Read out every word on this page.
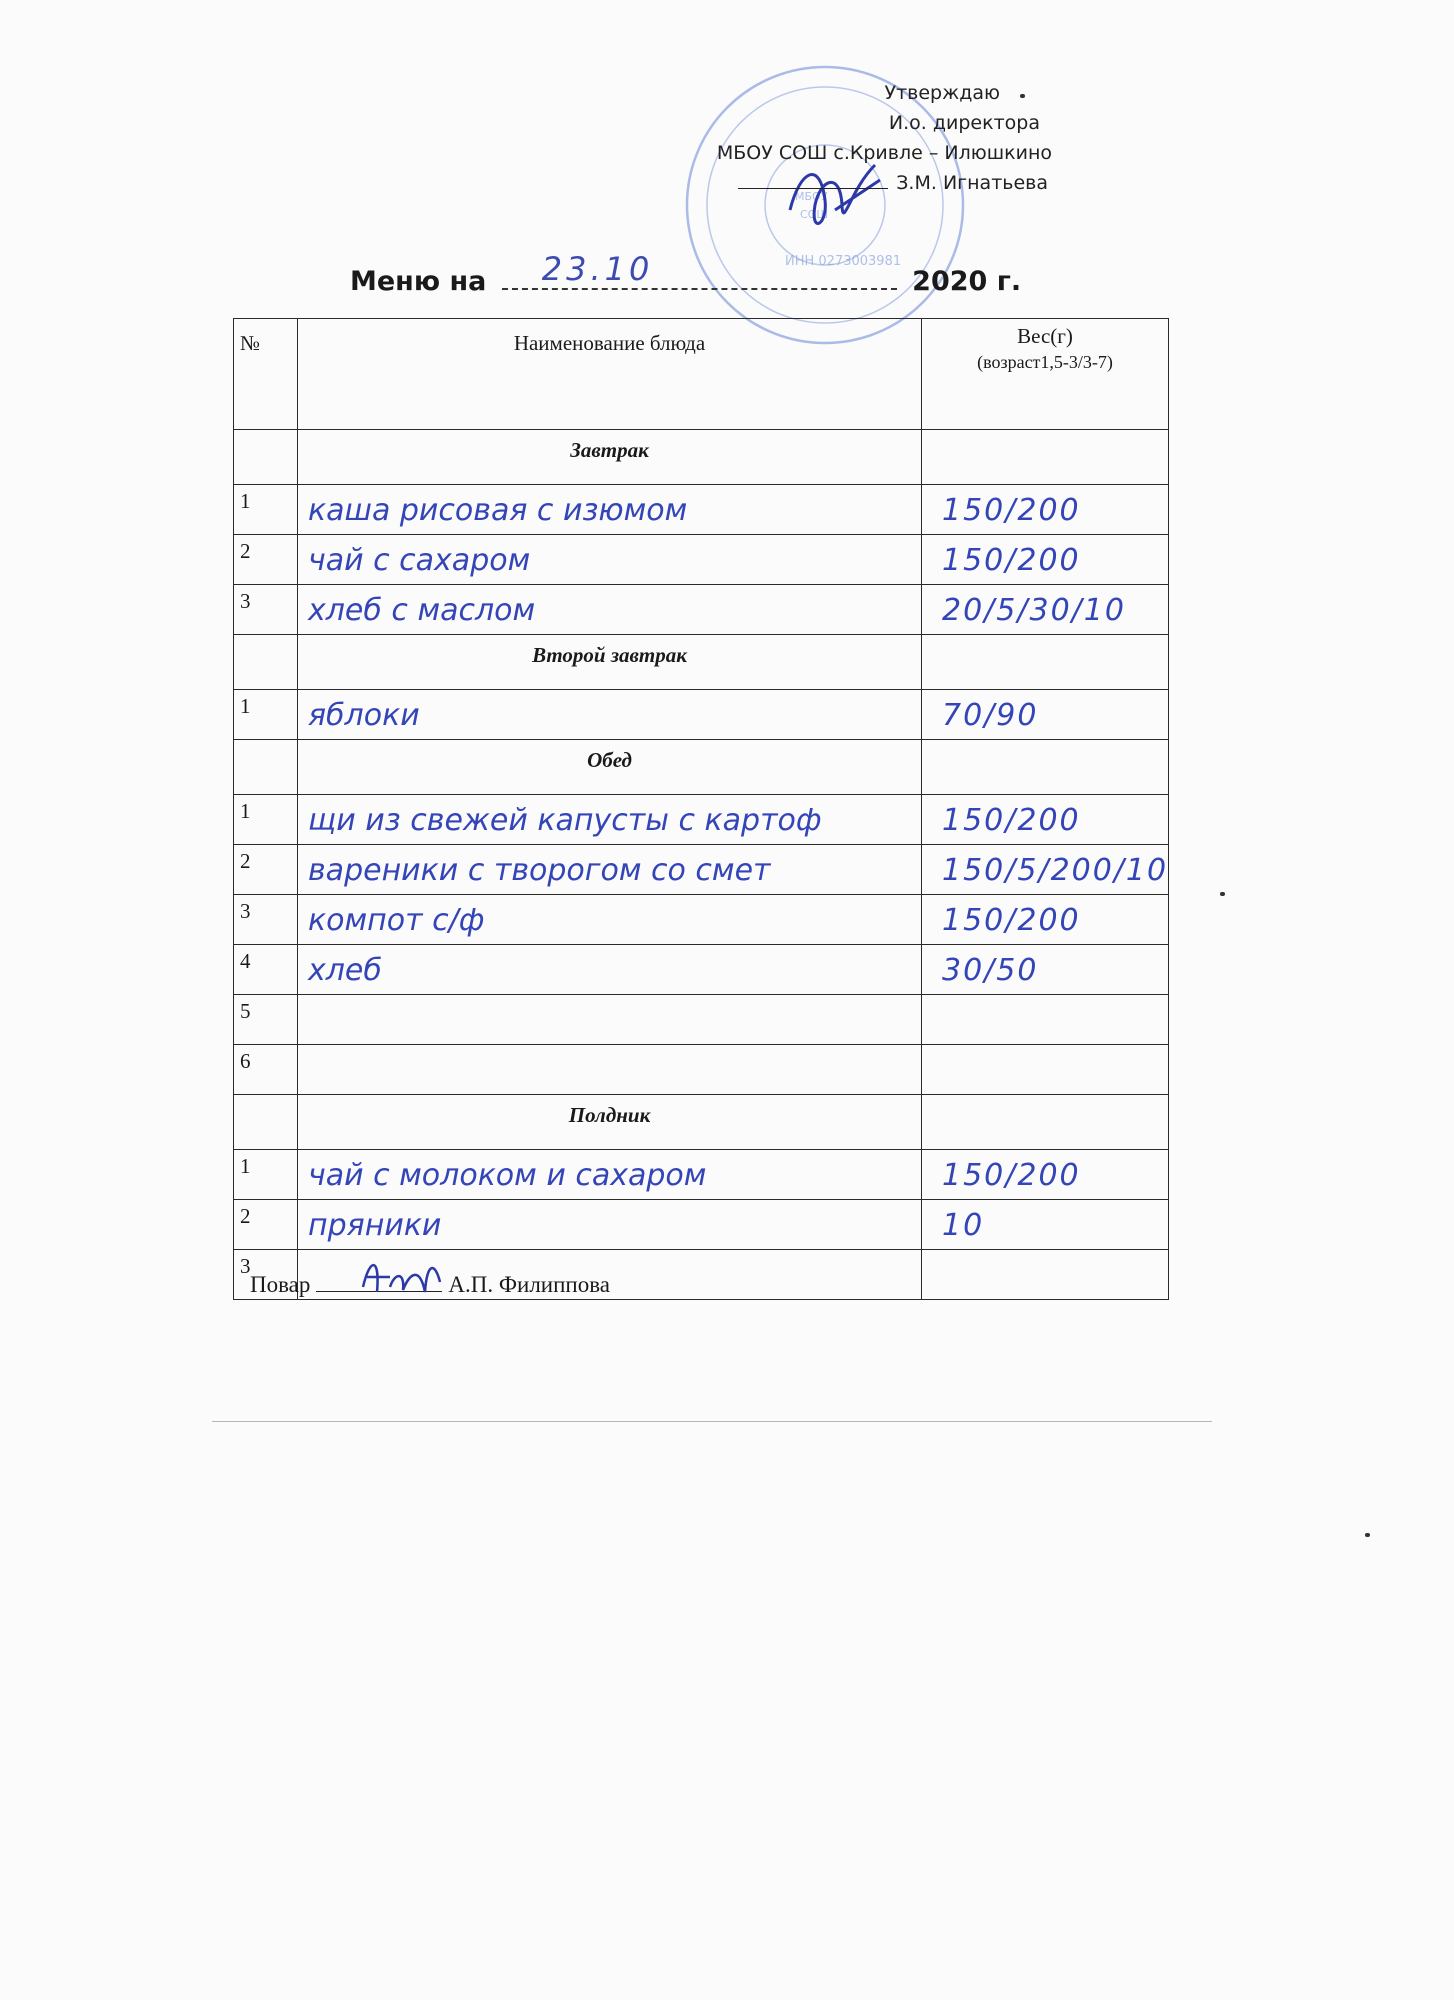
МБОУ
СОШ
ИНН 0273003981
Утверждаю
И.о. директора
МБОУ СОШ с.Кривле – Илюшкино
З.М. Игнатьева
Меню на 23.10	2020 г.
№	Наименование блюда	Вес(г)
(возраст1,5-3/3-7)

	Завтрак	
1	каша рисовая с изюмом	150/200

2	чай с сахаром	150/200

3	хлеб с маслом	20/5/30/10

	Второй завтрак	
1	яблоки	70/90

	Обед	
1	щи из свежей капусты с картоф	150/200

2	вареники с творогом со смет	150/5/200/10

3	компот с/ф	150/200

4	хлеб	30/50

5	

6	

	Полдник	
1	чай с молоком и сахаром	150/200

2	пряники	10

3	

Повар	А.П. Филиппова
